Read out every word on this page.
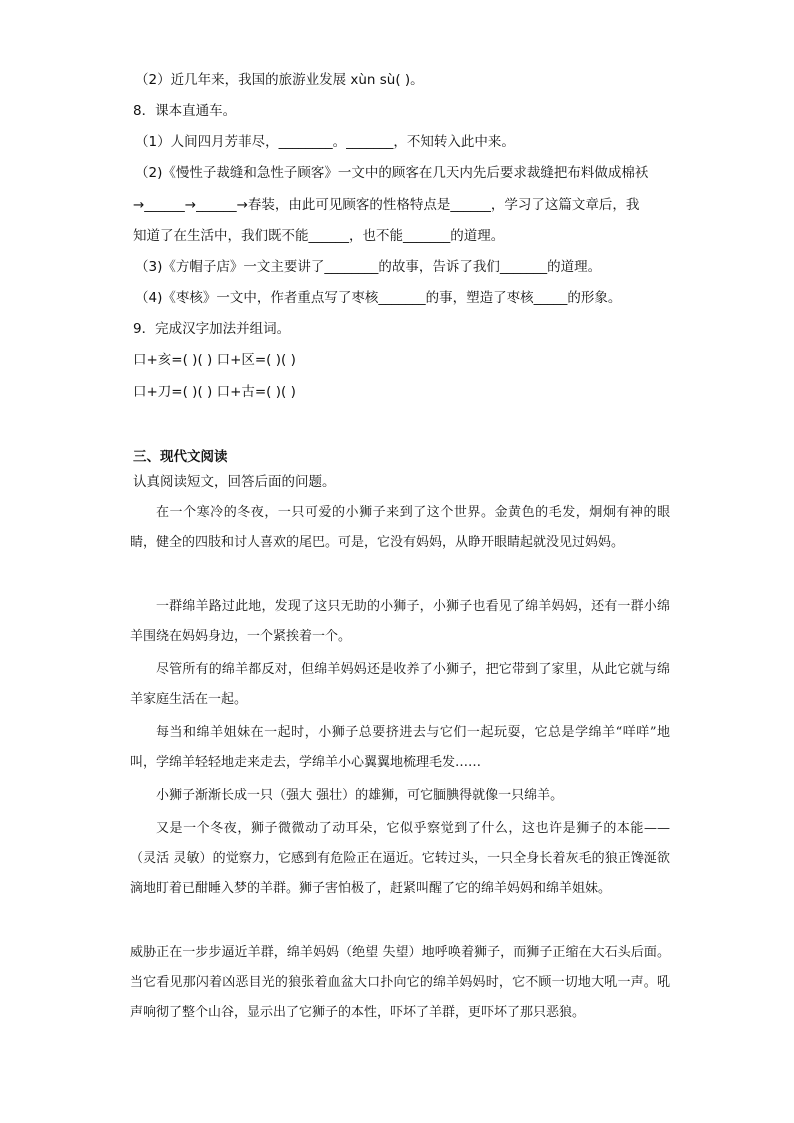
（2）近几年来，我国的旅游业发展 xùn sù( )。
8．课本直通车。
（1）人间四月芳菲尽，________。_______，不知转入此中来。
（2)《慢性子裁缝和急性子顾客》一文中的顾客在几天内先后要求裁缝把布料做成棉袄
→______→______→春装，由此可见顾客的性格特点是______，学习了这篇文章后，我
知道了在生活中，我们既不能______，也不能_______的道理。
（3)《方帽子店》一文主要讲了________的故事，告诉了我们_______的道理。
（4)《枣核》一文中，作者重点写了枣核_______的事，塑造了枣核_____的形象。
9．完成汉字加法并组词。
口+亥=( )( ) 口+区=( )( )
口+刀=( )( ) 口+古=( )( )
三、现代文阅读
认真阅读短文，回答后面的问题。
在一个寒冷的冬夜，一只可爱的小狮子来到了这个世界。金黄色的毛发，炯炯有神的眼睛，健全的四肢和讨人喜欢的尾巴。可是，它没有妈妈，从睁开眼睛起就没见过妈妈。
一群绵羊路过此地，发现了这只无助的小狮子，小狮子也看见了绵羊妈妈，还有一群小绵羊围绕在妈妈身边，一个紧挨着一个。
尽管所有的绵羊都反对，但绵羊妈妈还是收养了小狮子，把它带到了家里，从此它就与绵羊家庭生活在一起。
每当和绵羊姐妹在一起时，小狮子总要挤进去与它们一起玩耍，它总是学绵羊“咩咩”地叫，学绵羊轻轻地走来走去，学绵羊小心翼翼地梳理毛发……
小狮子渐渐长成一只（强大 强壮）的雄狮，可它腼腆得就像一只绵羊。
又是一个冬夜，狮子微微动了动耳朵，它似乎察觉到了什么，这也许是狮子的本能——（灵活 灵敏）的觉察力，它感到有危险正在逼近。它转过头，一只全身长着灰毛的狼正馋涎欲滴地盯着已酣睡入梦的羊群。狮子害怕极了，赶紧叫醒了它的绵羊妈妈和绵羊姐妹。
威胁正在一步步逼近羊群，绵羊妈妈（绝望 失望）地呼唤着狮子，而狮子正缩在大石头后面。当它看见那闪着凶恶目光的狼张着血盆大口扑向它的绵羊妈妈时，它不顾一切地大吼一声。吼声响彻了整个山谷，显示出了它狮子的本性，吓坏了羊群，更吓坏了那只恶狼。
